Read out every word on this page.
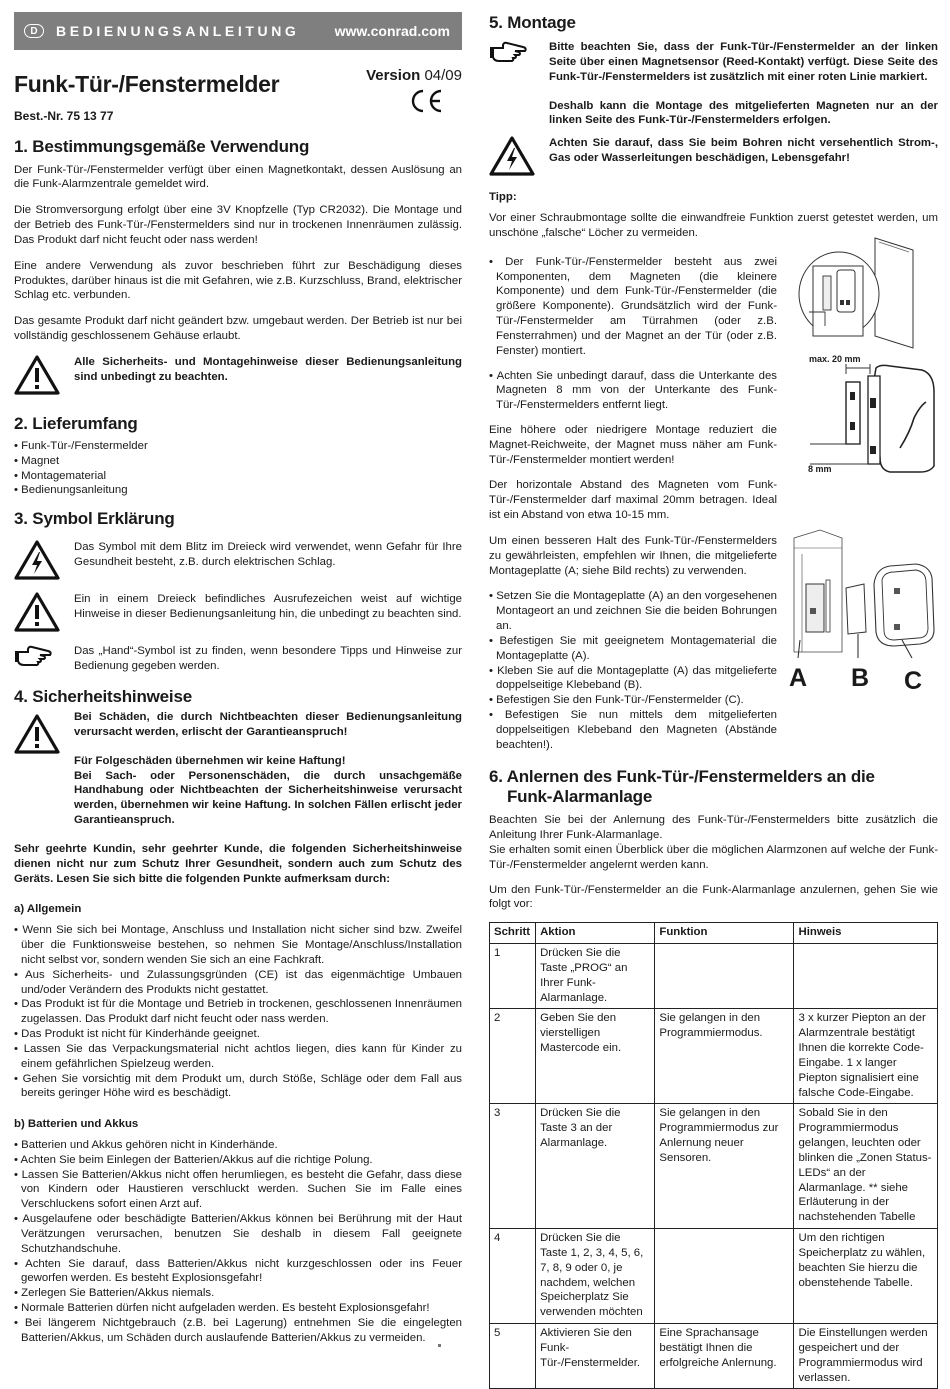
D	BEDIENUNGSANLEITUNG	www.conrad.com
Funk-Tür-/Fenstermelder
Best.-Nr. 75 13 77
Version 04/09
1. Bestimmungsgemäße Verwendung

Der Funk-Tür-/Fenstermelder verfügt über einen Magnetkontakt, dessen Auslösung an die Funk-Alarmzentrale gemeldet wird.

Die Stromversorgung erfolgt über eine 3V Knopfzelle (Typ CR2032). Die Montage und der Betrieb des Funk-Tür-/Fenstermelders sind nur in trockenen Innenräumen zulässig. Das Produkt darf nicht feucht oder nass werden!

Eine andere Verwendung als zuvor beschrieben führt zur Beschädigung dieses Produktes, darüber hinaus ist die mit Gefahren, wie z.B. Kurzschluss, Brand, elektrischer Schlag etc. verbunden.

Das gesamte Produkt darf nicht geändert bzw. umgebaut werden. Der Betrieb ist nur bei vollständig geschlossenem Gehäuse erlaubt.

Alle Sicherheits- und Montagehinweise dieser Bedienungsanleitung sind unbedingt zu beachten.
2. Lieferumfang
• Funk-Tür-/Fenstermelder
• Magnet
• Montagematerial
• Bedienungsanleitung
3. Symbol Erklärung
Das Symbol mit dem Blitz im Dreieck wird verwendet, wenn Gefahr für Ihre Gesundheit besteht, z.B. durch elektrischen Schlag.
Ein in einem Dreieck befindliches Ausrufezeichen weist auf wichtige Hinweise in dieser Bedienungsanleitung hin, die unbedingt zu beachten sind.
Das „Hand“-Symbol ist zu finden, wenn besondere Tipps und Hinweise zur Bedienung gegeben werden.
4. Sicherheitshinweise
Bei Schäden, die durch Nichtbeachten dieser Bedienungsanleitung verursacht werden, erlischt der Garantieanspruch!
Für Folgeschäden übernehmen wir keine Haftung!
Bei Sach- oder Personenschäden, die durch unsachgemäße Handhabung oder Nichtbeachten der Sicherheitshinweise verursacht werden, übernehmen wir keine Haftung. In solchen Fällen erlischt jeder Garantieanspruch.

Sehr geehrte Kundin, sehr geehrter Kunde, die folgenden Sicherheitshinweise dienen nicht nur zum Schutz Ihrer Gesundheit, sondern auch zum Schutz des Geräts. Lesen Sie sich bitte die folgenden Punkte aufmerksam durch:

a) Allgemein
• Wenn Sie sich bei Montage, Anschluss und Installation nicht sicher sind bzw. Zweifel über die Funktionsweise bestehen, so nehmen Sie Montage/Anschluss/Installation nicht selbst vor, sondern wenden Sie sich an eine Fachkraft.
• Aus Sicherheits- und Zulassungsgründen (CE) ist das eigenmächtige Umbauen und/oder Verändern des Produkts nicht gestattet.
• Das Produkt ist für die Montage und Betrieb in trockenen, geschlossenen Innenräumen zugelassen. Das Produkt darf nicht feucht oder nass werden.
• Das Produkt ist nicht für Kinderhände geeignet.
• Lassen Sie das Verpackungsmaterial nicht achtlos liegen, dies kann für Kinder zu einem gefährlichen Spielzeug werden.
• Gehen Sie vorsichtig mit dem Produkt um, durch Stöße, Schläge oder dem Fall aus bereits geringer Höhe wird es beschädigt.
b) Batterien und Akkus
• Batterien und Akkus gehören nicht in Kinderhände.
• Achten Sie beim Einlegen der Batterien/Akkus auf die richtige Polung.
• Lassen Sie Batterien/Akkus nicht offen herumliegen, es besteht die Gefahr, dass diese von Kindern oder Haustieren verschluckt werden. Suchen Sie im Falle eines Verschluckens sofort einen Arzt auf.
• Ausgelaufene oder beschädigte Batterien/Akkus können bei Berührung mit der Haut Verätzungen verursachen, benutzen Sie deshalb in diesem Fall geeignete Schutzhandschuhe.
• Achten Sie darauf, dass Batterien/Akkus nicht kurzgeschlossen oder ins Feuer geworfen werden. Es besteht Explosionsgefahr!
• Zerlegen Sie Batterien/Akkus niemals.
• Normale Batterien dürfen nicht aufgeladen werden. Es besteht Explosionsgefahr!
• Bei längerem Nichtgebrauch (z.B. bei Lagerung) entnehmen Sie die eingelegten Batterien/Akkus, um Schäden durch auslaufende Batterien/Akkus zu vermeiden.
5. Montage
Bitte beachten Sie, dass der Funk-Tür-/Fenstermelder an der linken Seite über einen Magnetsensor (Reed-Kontakt) verfügt. Diese Seite des Funk-Tür-/Fenstermelders ist zusätzlich mit einer roten Linie markiert.
Deshalb kann die Montage des mitgelieferten Magneten nur an der linken Seite des Funk-Tür-/Fenstermelders erfolgen.
Achten Sie darauf, dass Sie beim Bohren nicht versehentlich Strom-, Gas oder Wasserleitungen beschädigen, Lebensgefahr!
Tipp:

Vor einer Schraubmontage sollte die einwandfreie Funktion zuerst getestet werden, um unschöne „falsche“ Löcher zu vermeiden.

• Der Funk-Tür-/Fenstermelder besteht aus zwei Komponenten, dem Magneten (die kleinere Komponente) und dem Funk-Tür-/Fenstermelder (die größere Komponente). Grundsätzlich wird der Funk-Tür-/Fenstermelder am Türrahmen (oder z.B. Fensterrahmen) und der Magnet an der Tür (oder z.B. Fenster) montiert.
• Achten Sie unbedingt darauf, dass die Unterkante des Magneten 8 mm von der Unterkante des Funk-Tür-/Fenstermelders entfernt liegt.

Eine höhere oder niedrigere Montage reduziert die Magnet-Reichweite, der Magnet muss näher am Funk-Tür-/Fenstermelder montiert werden!

Der horizontale Abstand des Magneten vom Funk-Tür-/Fenstermelder darf maximal 20mm betragen. Ideal ist ein Abstand von etwa 10-15 mm.

Um einen besseren Halt des Funk-Tür-/Fenstermelders zu gewährleisten, empfehlen wir Ihnen, die mitgelieferte Montageplatte (A; siehe Bild rechts) zu verwenden.

• Setzen Sie die Montageplatte (A) an den vorgesehenen Montageort an und zeichnen Sie die beiden Bohrungen an.
• Befestigen Sie mit geeignetem Montagematerial die Montageplatte (A).
• Kleben Sie auf die Montageplatte (A) das mitgelieferte doppelseitige Klebeband (B).
• Befestigen Sie den Funk-Tür-/Fenstermelder (C).
• Befestigen Sie nun mittels dem mitgelieferten doppelseitigen Klebeband den Magneten (Abstände beachten!).
6. Anlernen des Funk-Tür-/Fenstermelders an die
Funk-Alarmanlage

Beachten Sie bei der Anlernung des Funk-Tür-/Fenstermelders bitte zusätzlich die Anleitung Ihrer Funk-Alarmanlage.
Sie erhalten somit einen Überblick über die möglichen Alarmzonen auf welche der Funk-Tür-/Fenstermelder angelernt werden kann.

Um den Funk-Tür-/Fenstermelder an die Funk-Alarmanlage anzulernen, gehen Sie wie folgt vor:

Schritt	Aktion	Funktion	Hinweis
1	Drücken Sie die Taste „PROG“ an Ihrer Funk-Alarmanlage.		
2	Geben Sie den vierstelligen Mastercode ein.	Sie gelangen in den Programmiermodus.	3 x kurzer Piepton an der Alarmzentrale bestätigt Ihnen die korrekte Code-Eingabe. 1 x langer Piepton signalisiert eine falsche Code-Eingabe.
3	Drücken Sie die Taste 3 an der Alarmanlage.	Sie gelangen in den Programmiermodus zur Anlernung neuer Sensoren.	Sobald Sie in den Programmiermodus gelangen, leuchten oder blinken die „Zonen Status-LEDs“ an der Alarmanlage. ** siehe Erläuterung in der nachstehenden Tabelle
4	Drücken Sie die Taste 1, 2, 3, 4, 5, 6, 7, 8, 9 oder 0, je nachdem, welchen Speicherplatz Sie verwenden möchten		Um den richtigen Speicherplatz zu wählen, beachten Sie hierzu die obenstehende Tabelle.
5	Aktivieren Sie den Funk-Tür-/Fenstermelder.	Eine Sprachansage bestätigt Ihnen die erfolgreiche Anlernung.	Die Einstellungen werden gespeichert und der Programmiermodus wird verlassen.
max. 20 mm
8 mm
A B C
